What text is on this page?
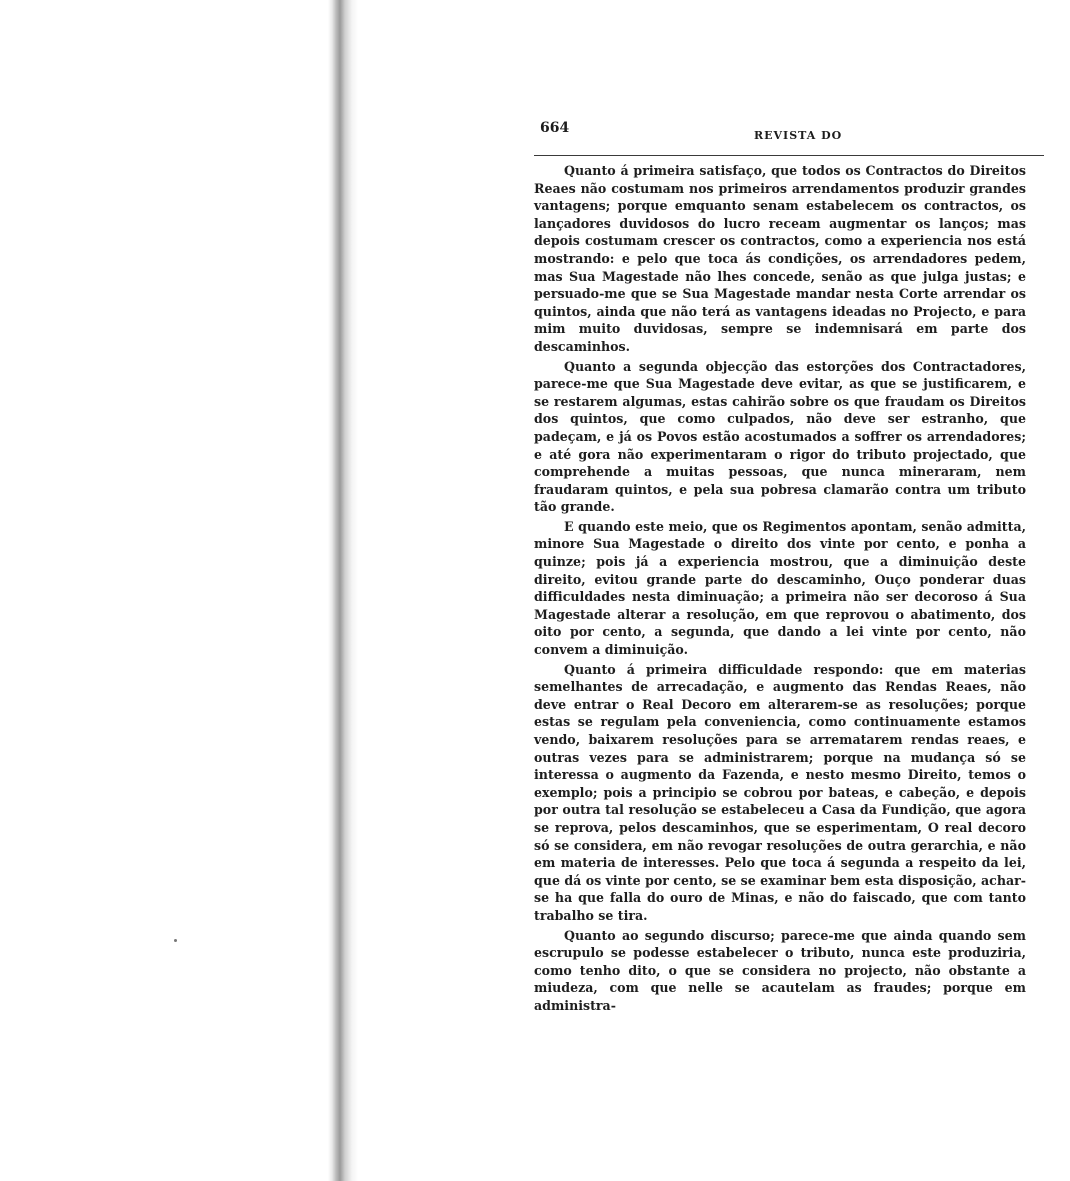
664	REVISTA DO

Quanto á primeira satisfaço, que todos os Contractos do Direitos Reaes não costumam nos primeiros arrendamentos produzir grandes vantagens; porque emquanto senam estabelecem os contractos, os lançadores duvidosos do lucro receam augmentar os lanços; mas depois costumam crescer os contractos, como a experiencia nos está mostrando: e pelo que toca ás condições, os arrendadores pedem, mas Sua Magestade não lhes concede, senão as que julga justas; e persuado-me que se Sua Magestade mandar nesta Corte arrendar os quintos, ainda que não terá as vantagens ideadas no Projecto, e para mim muito duvidosas, sempre se indemnisará em parte dos descaminhos.

Quanto a segunda objecção das estorções dos Contractadores, parece-me que Sua Magestade deve evitar, as que se justificarem, e se restarem algumas, estas cahirão sobre os que fraudam os Direitos dos quintos, que como culpados, não deve ser estranho, que padeçam, e já os Povos estão acostumados a soffrer os arrendadores; e até gora não experimentaram o rigor do tributo projectado, que comprehende a muitas pessoas, que nunca mineraram, nem fraudaram quintos, e pela sua pobresa clamarão contra um tributo tão grande.

E quando este meio, que os Regimentos apontam, senão admitta, minore Sua Magestade o direito dos vinte por cento, e ponha a quinze; pois já a experiencia mostrou, que a diminuição deste direito, evitou grande parte do descaminho, Ouço ponderar duas difficuldades nesta diminuação; a primeira não ser decoroso á Sua Magestade alterar a resolução, em que reprovou o abatimento, dos oito por cento, a segunda, que dando a lei vinte por cento, não convem a diminuição.

Quanto á primeira difficuldade respondo: que em materias semelhantes de arrecadação, e augmento das Rendas Reaes, não deve entrar o Real Decoro em alterarem-se as resoluções; porque estas se regulam pela conveniencia, como continuamente estamos vendo, baixarem resoluções para se arrematarem rendas reaes, e outras vezes para se administrarem; porque na mudança só se interessa o augmento da Fazenda, e nesto mesmo Direito, temos o exemplo; pois a principio se cobrou por bateas, e cabeção, e depois por outra tal resolução se estabeleceu a Casa da Fundição, que agora se reprova, pelos descaminhos, que se esperimentam, O real decoro só se considera, em não revogar resoluções de outra gerarchia, e não em materia de interesses. Pelo que toca á segunda a respeito da lei, que dá os vinte por cento, se se examinar bem esta disposição, achar-se ha que falla do ouro de Minas, e não do faiscado, que com tanto trabalho se tira.

Quanto ao segundo discurso; parece-me que ainda quando sem escrupulo se podesse estabelecer o tributo, nunca este produziria, como tenho dito, o que se considera no projecto, não obstante a miudeza, com que nelle se acautelam as fraudes; porque em administra-
